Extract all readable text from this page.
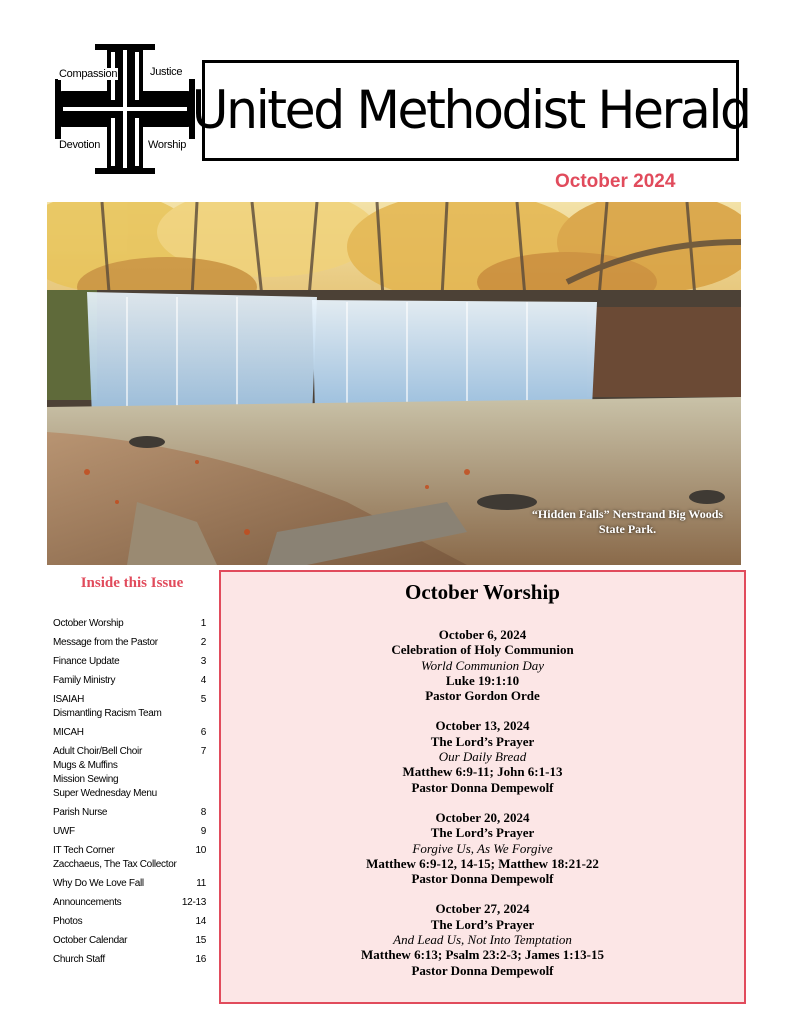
Compassion	Justice
Devotion	Worship
United Methodist Herald
October 2024
“Hidden Falls” Nerstrand Big Woods State Park.
Inside this Issue
October Worship	1
Message from the Pastor	2
Finance Update	3
Family Ministry	4
ISAIAH
Dismantling Racism Team
5
MICAH	6
Adult Choir/Bell Choir
Mugs & Muffins
Mission Sewing
Super Wednesday Menu
7
Parish Nurse	8
UWF	9
IT Tech Corner
Zacchaeus, The Tax Collector
10
Why Do We Love Fall	11
Announcements	12-13
Photos	14
October Calendar	15
Church Staff	16
October Worship
October 6, 2024
Celebration of Holy Communion
World Communion Day
Luke 19:1:10
Pastor Gordon Orde
October 13, 2024
The Lord’s Prayer
Our Daily Bread
Matthew 6:9-11; John 6:1-13
Pastor Donna Dempewolf
October 20, 2024
The Lord’s Prayer
Forgive Us, As We Forgive
Matthew 6:9-12, 14-15; Matthew 18:21-22
Pastor Donna Dempewolf
October 27, 2024
The Lord’s Prayer
And Lead Us, Not Into Temptation
Matthew 6:13; Psalm 23:2-3; James 1:13-15
Pastor Donna Dempewolf
